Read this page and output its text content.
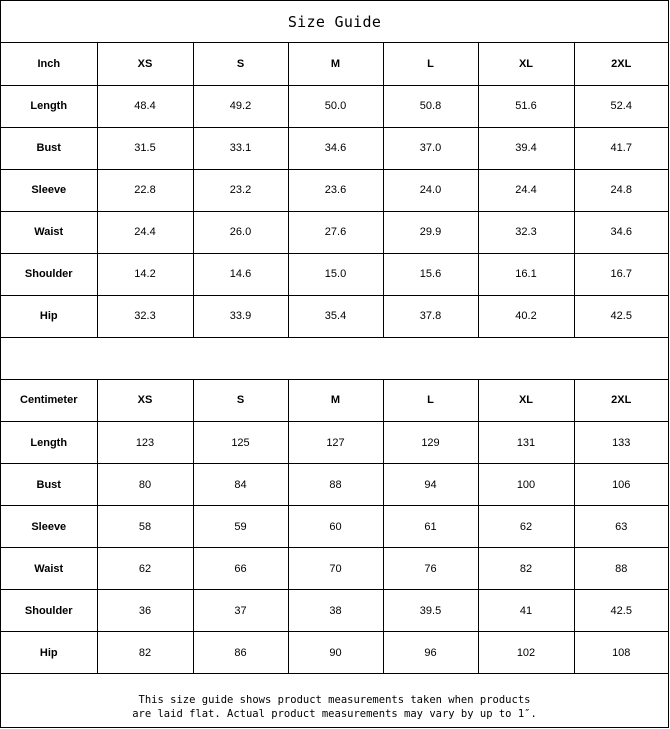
Size Guide
Inch	XS	S	M	L	XL	2XL
Length	48.4	49.2	50.0	50.8	51.6	52.4
Bust	31.5	33.1	34.6	37.0	39.4	41.7
Sleeve	22.8	23.2	23.6	24.0	24.4	24.8
Waist	24.4	26.0	27.6	29.9	32.3	34.6
Shoulder	14.2	14.6	15.0	15.6	16.1	16.7
Hip	32.3	33.9	35.4	37.8	40.2	42.5
Centimeter	XS	S	M	L	XL	2XL
Length	123	125	127	129	131	133
Bust	80	84	88	94	100	106
Sleeve	58	59	60	61	62	63
Waist	62	66	70	76	82	88
Shoulder	36	37	38	39.5	41	42.5
Hip	82	86	90	96	102	108
This size guide shows product measurements taken when products
are laid flat. Actual product measurements may vary by up to 1″.
